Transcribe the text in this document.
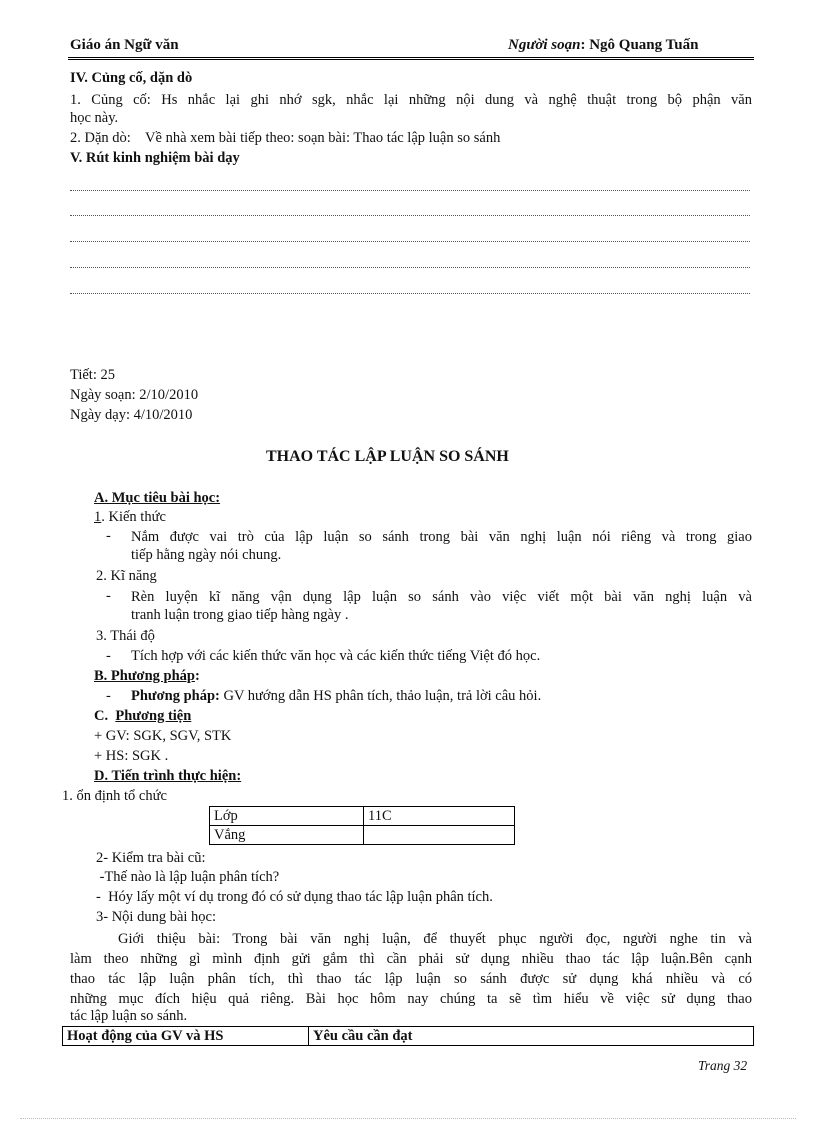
Giáo án Ngữ văn	Người soạn: Ngô Quang Tuấn
IV. Củng cố, dặn dò
1. Củng cố: Hs nhắc lại ghi nhớ sgk, nhắc lại những nội dung và nghệ thuật trong bộ phận văn
học này.
2. Dặn dò:    Về nhà xem bài tiếp theo: soạn bài: Thao tác lập luận so sánh
V. Rút kinh nghiệm bài dạy
Tiết: 25
Ngày soạn: 2/10/2010
Ngày dạy: 4/10/2010
THAO TÁC LẬP LUẬN SO SÁNH
A. Mục tiêu bài học:
1. Kiến thức
- Nắm được vai trò của lập luận so sánh trong bài văn nghị luận nói riêng và trong giao
tiếp hằng ngày nói chung.
2. Kĩ năng
- Rèn luyện kĩ năng vận dụng lập luận so sánh vào việc viết một bài văn nghị luận và
tranh luận trong giao tiếp hàng ngày .
3. Thái độ
- Tích hợp với các kiến thức văn học và các kiến thức tiếng Việt đó học.
B. Phương pháp:
- Phương pháp: GV hướng dẫn HS phân tích, thảo luận, trả lời câu hỏi.
C.  Phương tiện
+ GV: SGK, SGV, STK
+ HS: SGK .
D. Tiến trình thực hiện:
1. ổn định tổ chức
Lớp	11C
Vắng	
2- Kiểm tra bài cũ:
-Thế nào là lập luận phân tích?
-  Hóy lấy một ví dụ trong đó có sử dụng thao tác lập luận phân tích.
3- Nội dung bài học:
Giới thiệu bài: Trong bài văn nghị luận, để thuyết phục người đọc, người nghe tin và
làm theo những gì mình định gửi gắm thì cần phải sử dụng nhiều thao tác lập luận.Bên cạnh
thao tác lập luận phân tích, thì thao tác lập luận so sánh được sử dụng khá nhiều và có
những mục đích hiệu quả riêng. Bài học hôm nay chúng ta sẽ tìm hiểu về việc sử dụng thao
tác lập luận so sánh.
Hoạt động của GV và HS	Yêu cầu cần đạt
Trang 32
